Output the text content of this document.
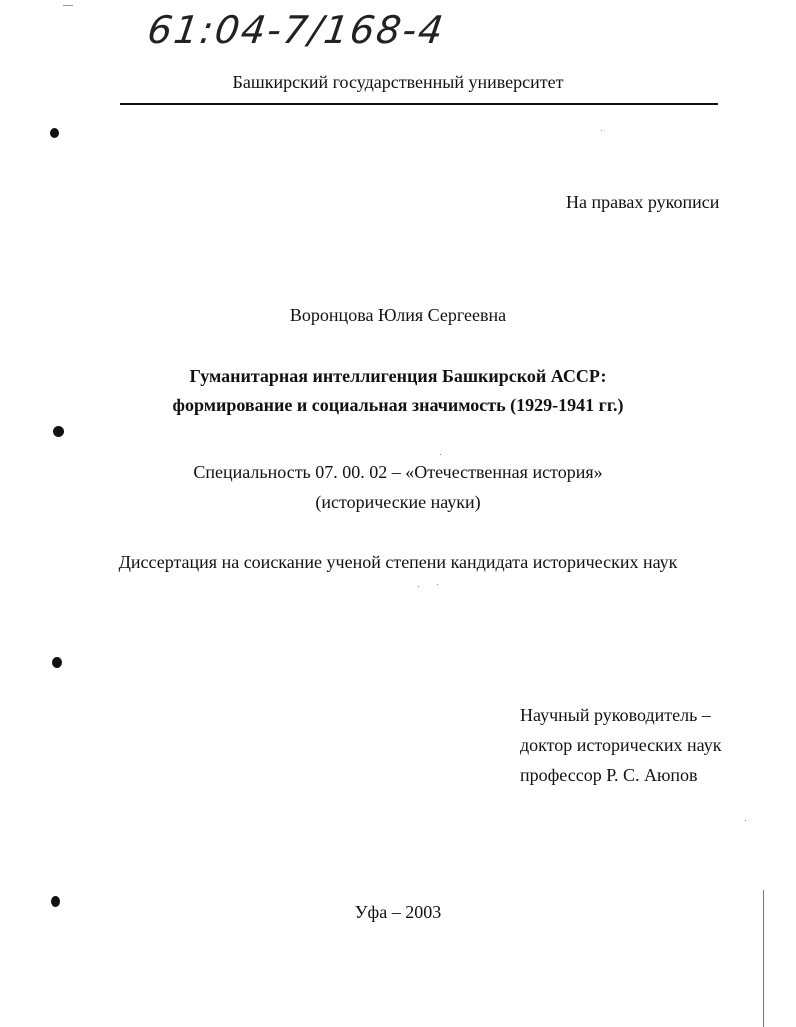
61:04-7/168-4
Башкирский государственный университет
На правах рукописи
Воронцова Юлия Сергеевна
Гуманитарная интеллигенция Башкирской АССР:
формирование и социальная значимость (1929-1941 гг.)
Специальность 07. 00. 02 – «Отечественная история»
(исторические науки)
Диссертация на соискание ученой степени кандидата исторических наук
Научный руководитель –
доктор исторических наук
профессор Р. С. Аюпов
Уфа – 2003
